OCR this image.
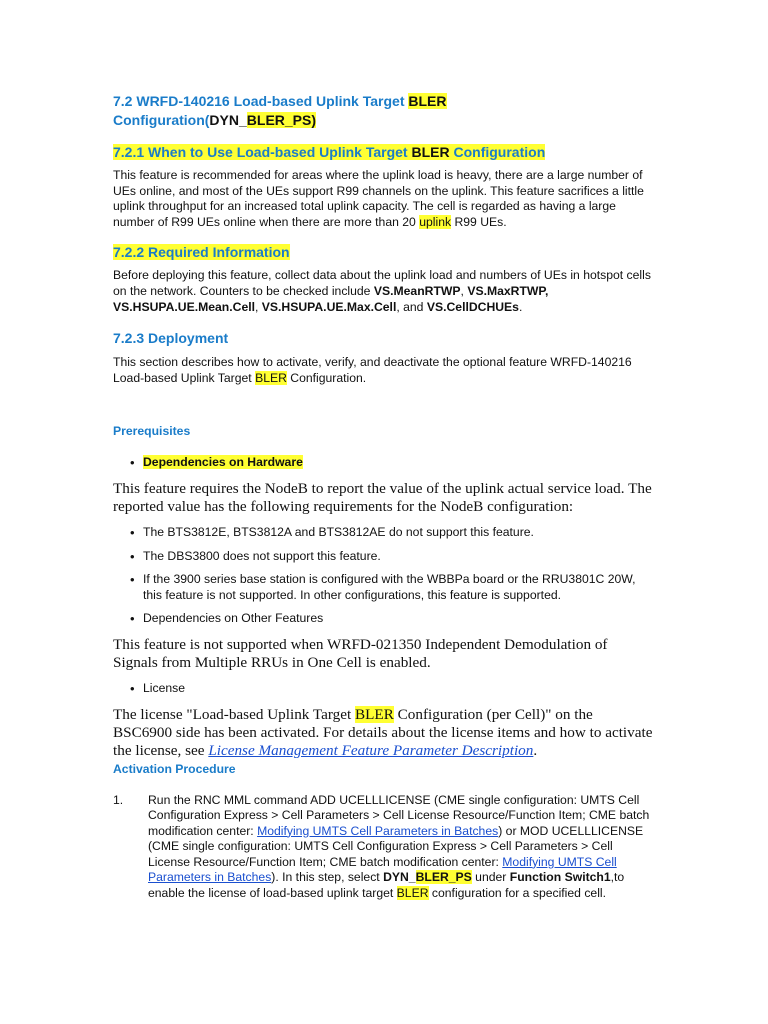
7.2 WRFD-140216 Load-based Uplink Target BLER
Configuration(DYN_BLER_PS)
7.2.1 When to Use Load-based Uplink Target BLER Configuration

This feature is recommended for areas where the uplink load is heavy, there are a large number of UEs online, and most of the UEs support R99 channels on the uplink. This feature sacrifices a little uplink throughput for an increased total uplink capacity. The cell is regarded as having a large number of R99 UEs online when there are more than 20 uplink R99 UEs.

7.2.2 Required Information

Before deploying this feature, collect data about the uplink load and numbers of UEs in hotspot cells on the network. Counters to be checked include VS.MeanRTWP, VS.MaxRTWP,
VS.HSUPA.UE.Mean.Cell, VS.HSUPA.UE.Max.Cell, and VS.CellDCHUEs.

7.2.3 Deployment

This section describes how to activate, verify, and deactivate the optional feature WRFD-140216 Load-based Uplink Target BLER Configuration.

Prerequisites
• Dependencies on Hardware

This feature requires the NodeB to report the value of the uplink actual service load. The reported value has the following requirements for the NodeB configuration:

• The BTS3812E, BTS3812A and BTS3812AE do not support this feature.
• The DBS3800 does not support this feature.
• If the 3900 series base station is configured with the WBBPa board or the RRU3801C 20W, this feature is not supported. In other configurations, this feature is supported.
• Dependencies on Other Features

This feature is not supported when WRFD-021350 Independent Demodulation of Signals from Multiple RRUs in One Cell is enabled.

• License

The license "Load-based Uplink Target BLER Configuration (per Cell)" on the BSC6900 side has been activated. For details about the license items and how to activate the license, see License Management Feature Parameter Description.

Activation Procedure
1. Run the RNC MML command ADD UCELLLICENSE (CME single configuration: UMTS Cell Configuration Express > Cell Parameters > Cell License Resource/Function Item; CME batch modification center: Modifying UMTS Cell Parameters in Batches) or MOD UCELLLICENSE (CME single configuration: UMTS Cell Configuration Express > Cell Parameters > Cell License Resource/Function Item; CME batch modification center: Modifying UMTS Cell Parameters in Batches). In this step, select DYN_BLER_PS under Function Switch1,to enable the license of load-based uplink target BLER configuration for a specified cell.
